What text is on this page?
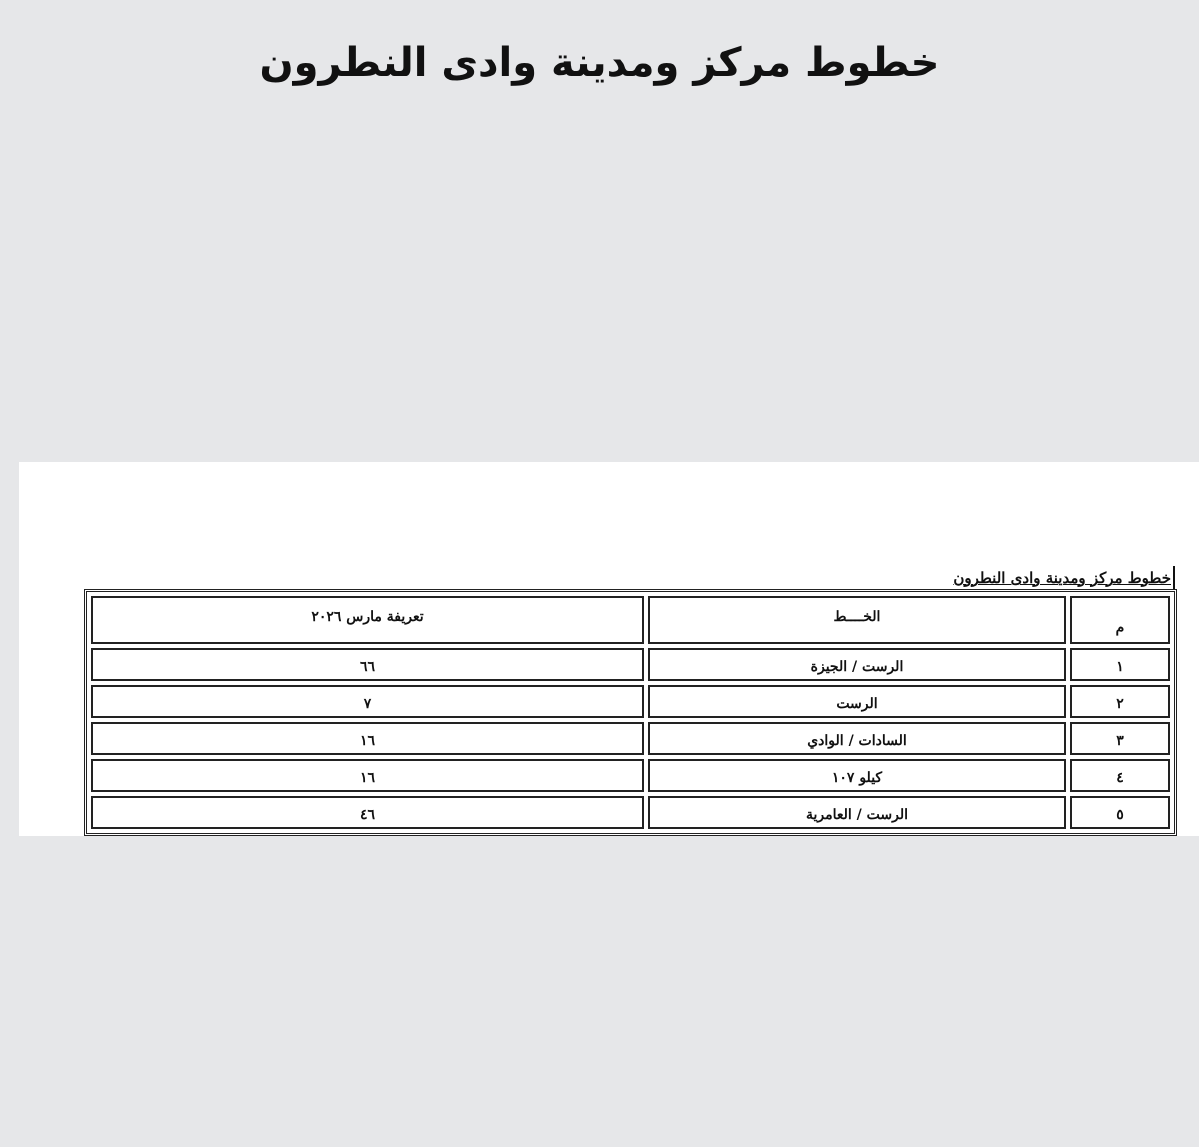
خطوط مركز ومدينة وادى النطرون
خطوط مركز ومدينة وادى النطرون
م	الخــــط	تعريفة مارس ٢٠٢٦
١	الرست / الجيزة	٦٦
٢	الرست	٧
٣	السادات / الوادي	١٦
٤	كيلو ١٠٧	١٦
٥	الرست / العامرية	٤٦
